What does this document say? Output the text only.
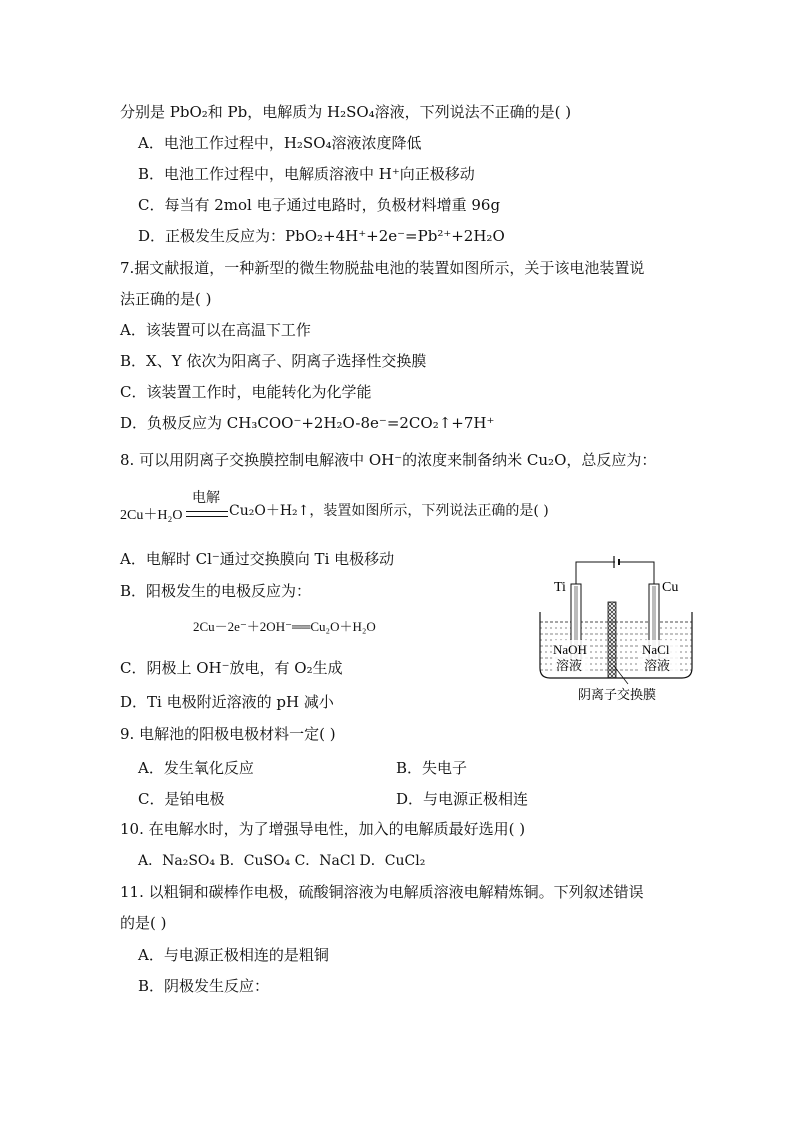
分别是 PbO₂和 Pb，电解质为 H₂SO₄溶液，下列说法不正确的是( )
A．电池工作过程中，H₂SO₄溶液浓度降低
B．电池工作过程中，电解质溶液中 H⁺向正极移动
C．每当有 2mol 电子通过电路时，负极材料增重 96g
D．正极发生反应为：PbO₂+4H⁺+2e⁻=Pb²⁺+2H₂O
7.据文献报道，一种新型的微生物脱盐电池的装置如图所示，关于该电池装置说
法正确的是( )
A．该装置可以在高温下工作
B．X、Y 依次为阳离子、阴离子选择性交换膜
C．该装置工作时，电能转化为化学能
D．负极反应为 CH₃COO⁻+2H₂O-8e⁻=2CO₂↑+7H⁺
8. 可以用阴离子交换膜控制电解液中 OH⁻的浓度来制备纳米 Cu₂O，总反应为：
2Cu＋H₂O
电解
Cu₂O＋H₂↑，装置如图所示，下列说法正确的是( )
A．电解时 Cl⁻通过交换膜向 Ti 电极移动
B．阳极发生的电极反应为：
2Cu－2e⁻＋2OH⁻══Cu₂O＋H₂O
C．阴极上 OH⁻放电，有 O₂生成
D．Ti 电极附近溶液的 pH 减小
Ti	Cu
NaOH
溶液
NaCl
溶液
阴离子交换膜
9. 电解池的阳极电极材料一定( )
A．发生氧化反应	B．失电子
C．是铂电极	D．与电源正极相连
10. 在电解水时，为了增强导电性，加入的电解质最好选用( )
A．Na₂SO₄ B．CuSO₄ C．NaCl D．CuCl₂
11. 以粗铜和碳棒作电极，硫酸铜溶液为电解质溶液电解精炼铜。下列叙述错误
的是( )
A．与电源正极相连的是粗铜
B．阴极发生反应：
